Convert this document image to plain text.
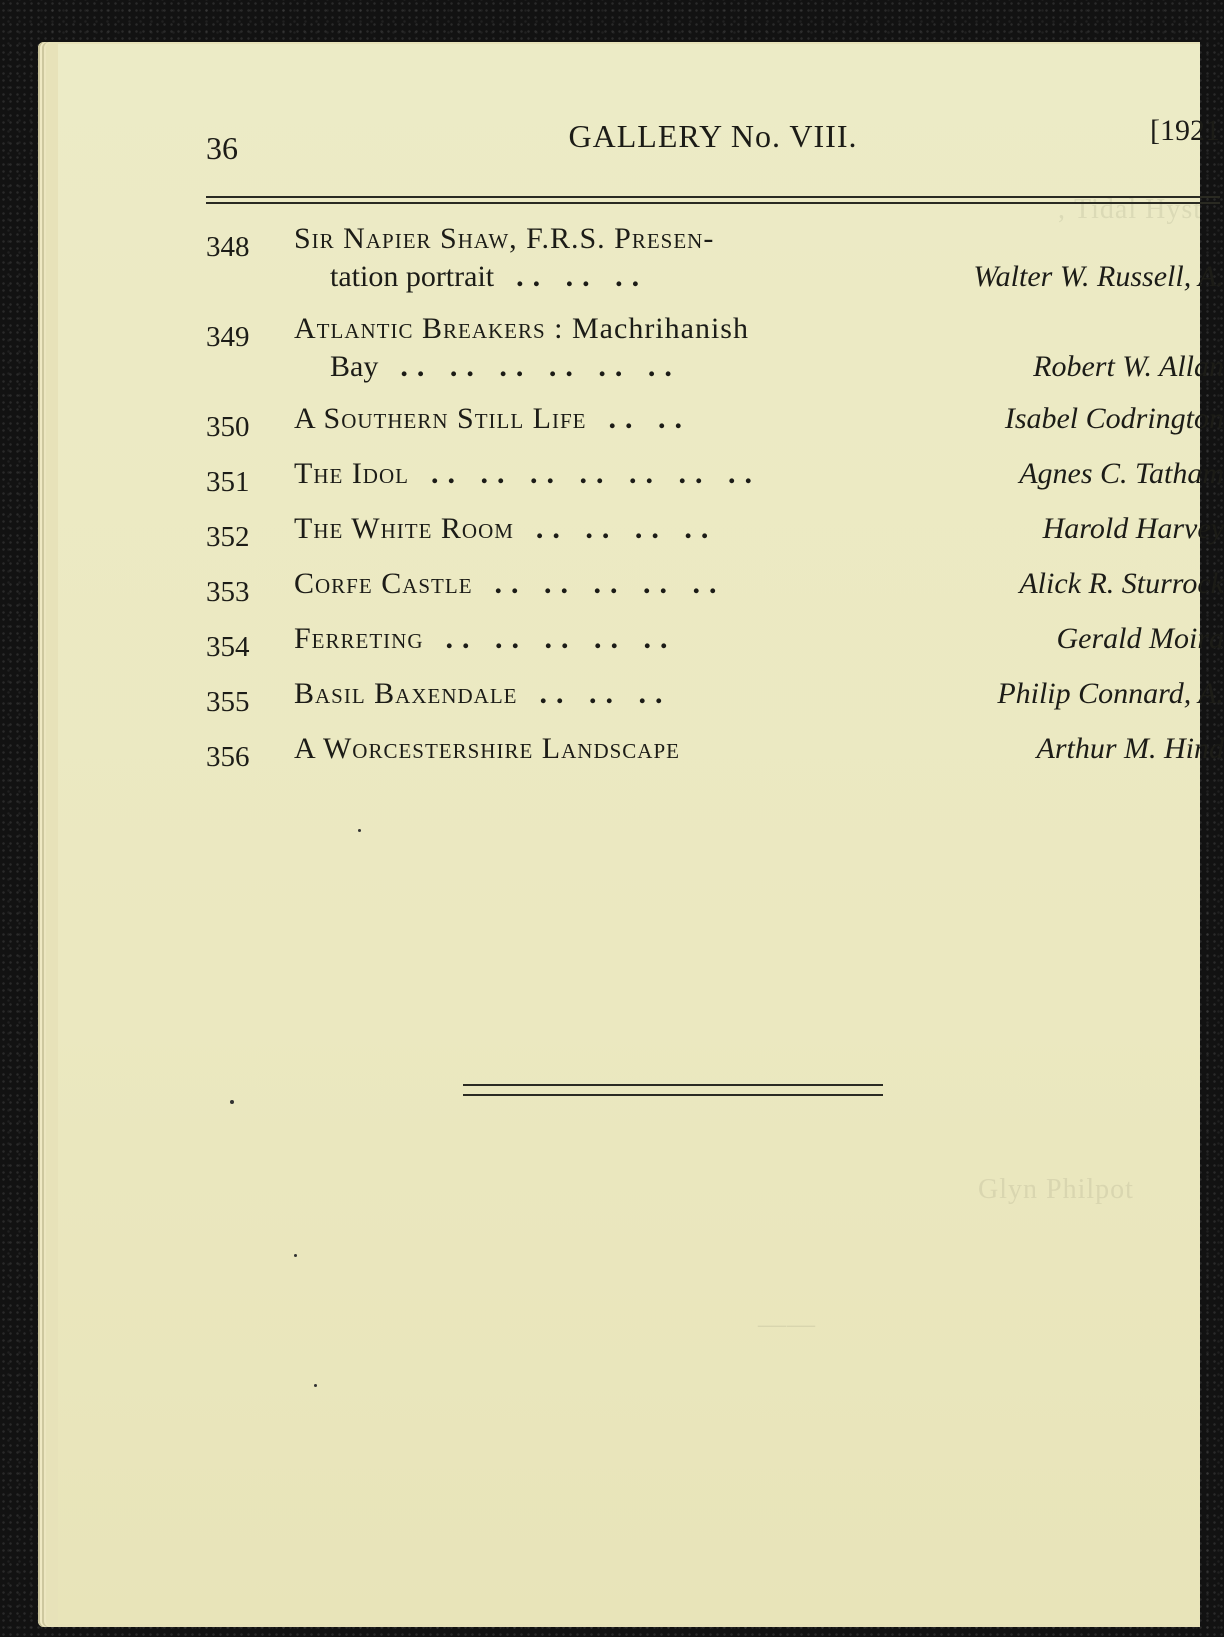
, Tidal Hyst
Glyn Philpot
——
36	GALLERY No. VIII.	[1921
348	Sir Napier Shaw, F.R.S. Presen-
tation portrait .. .. ..	Walter W. Russell, A.
349	Atlantic Breakers : Machrihanish
Bay .. .. .. .. .. ..	Robert W. Allan
350	A Southern Still Life .. ..	Isabel Codrington
351	The Idol .. .. .. .. .. .. ..	Agnes C. Tatham
352	The White Room .. .. .. ..	Harold Harvey
353	Corfe Castle .. .. .. .. ..	Alick R. Sturrock
354	Ferreting .. .. .. .. ..	Gerald Moira
355	Basil Baxendale .. .. ..	Philip Connard, A.
356	A Worcestershire Landscape	Arthur M. Hind
